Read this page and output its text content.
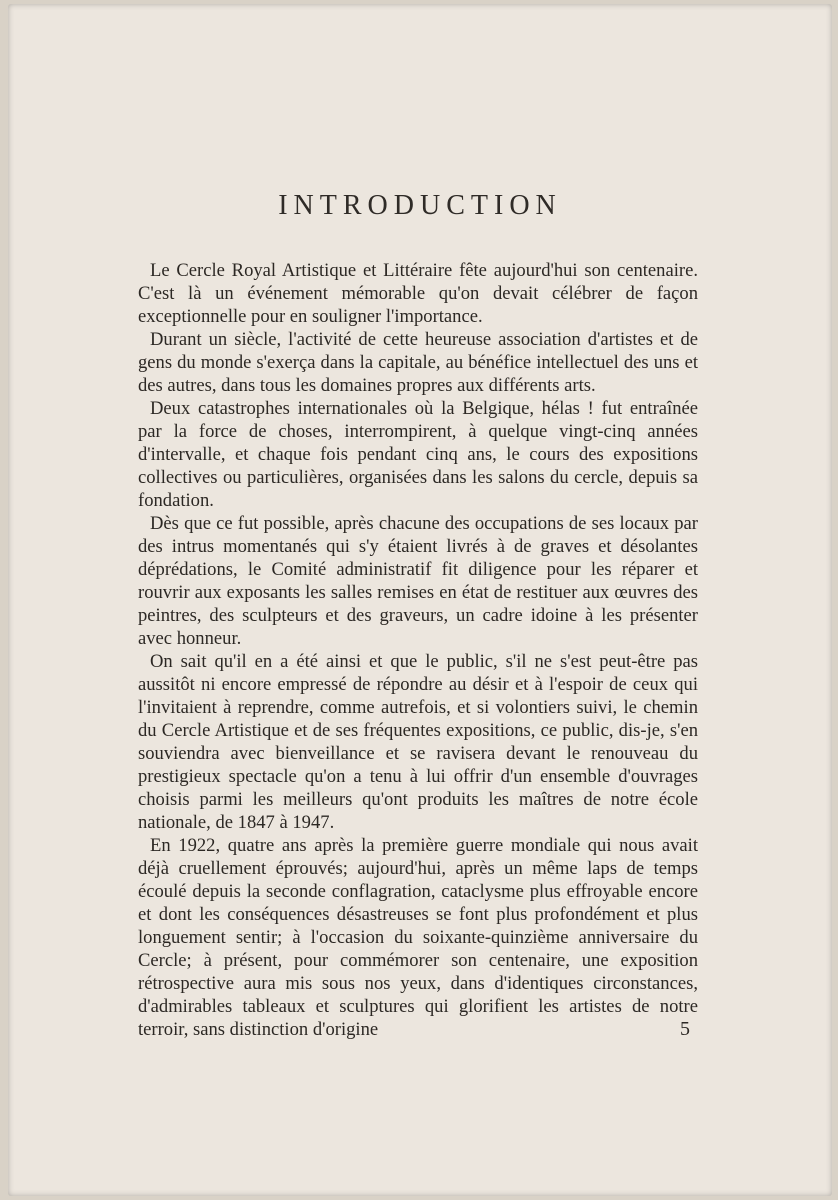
INTRODUCTION

Le Cercle Royal Artistique et Littéraire fête aujourd'hui son centenaire. C'est là un événement mémorable qu'on devait célébrer de façon exceptionnelle pour en souligner l'importance.

Durant un siècle, l'activité de cette heureuse association d'artistes et de gens du monde s'exerça dans la capitale, au bénéfice intellectuel des uns et des autres, dans tous les domaines propres aux différents arts.

Deux catastrophes internationales où la Belgique, hélas ! fut entraînée par la force de choses, interrompirent, à quelque vingt-cinq années d'intervalle, et chaque fois pendant cinq ans, le cours des expositions collectives ou particulières, organisées dans les salons du cercle, depuis sa fondation.

Dès que ce fut possible, après chacune des occupations de ses locaux par des intrus momentanés qui s'y étaient livrés à de graves et désolantes déprédations, le Comité administratif fit diligence pour les réparer et rouvrir aux exposants les salles remises en état de restituer aux œuvres des peintres, des sculpteurs et des graveurs, un cadre idoine à les présenter avec honneur.

On sait qu'il en a été ainsi et que le public, s'il ne s'est peut-être pas aussitôt ni encore empressé de répondre au désir et à l'espoir de ceux qui l'invitaient à reprendre, comme autrefois, et si volontiers suivi, le chemin du Cercle Artistique et de ses fréquentes expositions, ce public, dis-je, s'en souviendra avec bienveillance et se ravisera devant le renouveau du prestigieux spectacle qu'on a tenu à lui offrir d'un ensemble d'ouvrages choisis parmi les meilleurs qu'ont produits les maîtres de notre école nationale, de 1847 à 1947.

En 1922, quatre ans après la première guerre mondiale qui nous avait déjà cruellement éprouvés; aujourd'hui, après un même laps de temps écoulé depuis la seconde conflagration, cataclysme plus effroyable encore et dont les conséquences désastreuses se font plus profondément et plus longuement sentir; à l'occasion du soixante-quinzième anniversaire du Cercle; à présent, pour commémorer son centenaire, une exposition rétrospective aura mis sous nos yeux, dans d'identiques circonstances, d'admirables tableaux et sculptures qui glorifient les artistes de notre terroir, sans distinction d'origine	5
